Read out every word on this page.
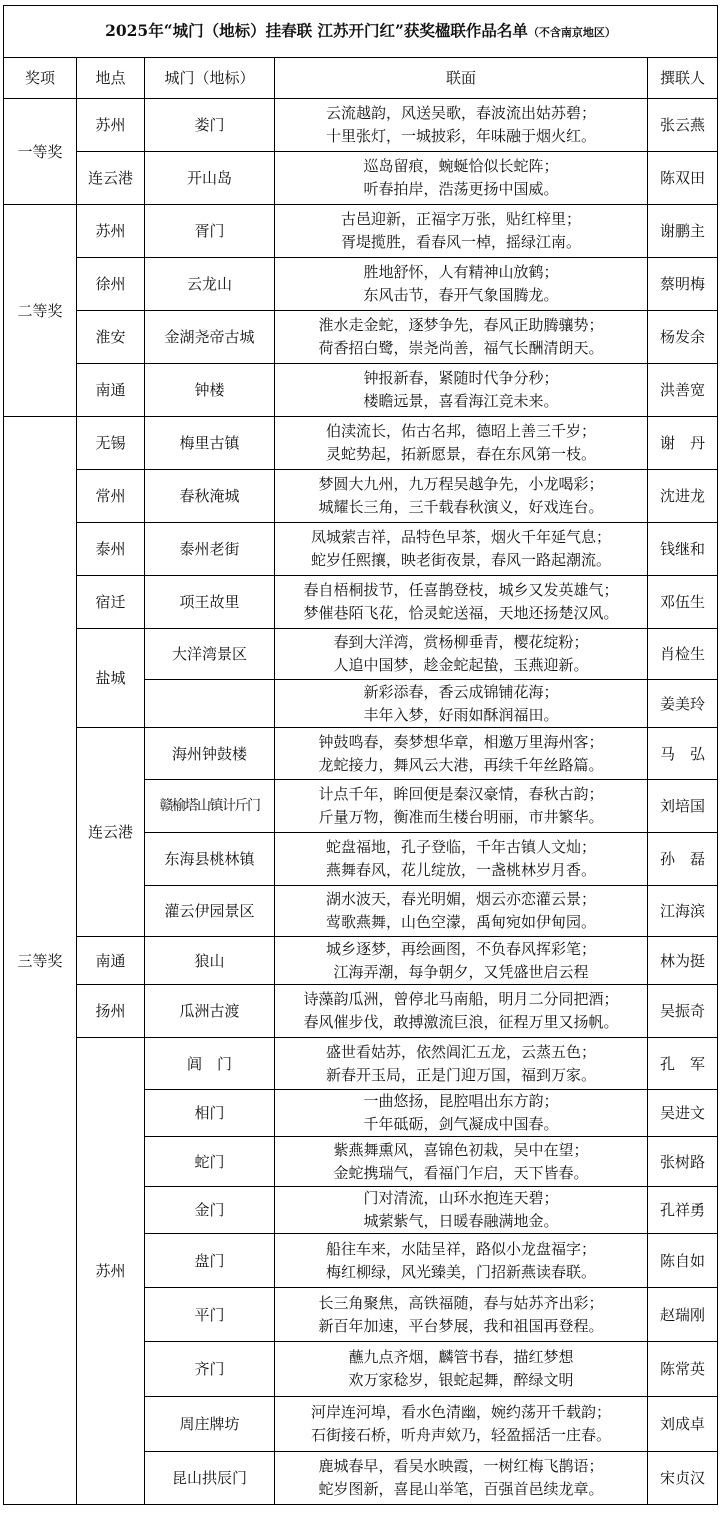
2025年“城门（地标）挂春联 江苏开门红”获奖楹联作品名单（不含南京地区）				
奖项	地点	城门（地标）	联面	撰联人
一等奖	苏州	娄门	云流越韵，风送吴歌，春波流出姑苏碧；
十里张灯，一城披彩，年味融于烟火红。	张云燕
	连云港	开山岛	巡岛留痕，蜿蜒恰似长蛇阵；
听春拍岸，浩荡更扬中国威。	陈双田
二等奖	苏州	胥门	古邑迎新，正福字万张，贴红梓里；
胥堤揽胜，看春风一棹，摇绿江南。	谢鹏主
	徐州	云龙山	胜地舒怀，人有精神山放鹤；
东风击节，春开气象国腾龙。	蔡明梅
	淮安	金湖尧帝古城	淮水走金蛇，逐梦争先，春风正助腾骧势；
荷香招白鹭，崇尧尚善，福气长酬清朗天。	杨发余
	南通	钟楼	钟报新春，紧随时代争分秒；
楼瞻远景，喜看海江竞未来。	洪善宽
三等奖	无锡	梅里古镇	伯渎流长，佑古名邦，德昭上善三千岁；
灵蛇势起，拓新愿景，春在东风第一枝。	谢　丹
	常州	春秋淹城	梦圆大九州，九万程吴越争先，小龙喝彩；
城耀长三角，三千载春秋演义，好戏连台。	沈进龙
	泰州	泰州老街	凤城萦吉祥，品特色早茶，烟火千年延气息；
蛇岁任熙攘，映老街夜景，春风一路起潮流。	钱继和
	宿迁	项王故里	春自梧桐拔节，任喜鹊登枝，城乡又发英雄气；
梦催巷陌飞花，恰灵蛇送福，天地还扬楚汉风。	邓伍生
	盐城	大洋湾景区	春到大洋湾，赏杨柳垂青，樱花绽粉；
人追中国梦，趁金蛇起蛰，玉燕迎新。	肖检生

			新彩添春，香云成锦铺花海；
丰年入梦，好雨如酥润福田。	姜美玲
	连云港	海州钟鼓楼	钟鼓鸣春，奏梦想华章，相邀万里海州客；
龙蛇接力，舞风云大港，再续千年丝路篇。	马　弘
		赣榆塔山镇计斤门	计点千年，眸回便是秦汉豪情，春秋古韵；
斤量万物，衡准而生楼台明丽，市井繁华。	刘培国
		东海县桃林镇	蛇盘福地，孔子登临，千年古镇人文灿；
燕舞春风，花儿绽放，一盏桃林岁月香。	孙　磊
		灌云伊园景区	湖水波天，春光明媚，烟云亦恋灌云景；
莺歌燕舞，山色空濛，禹甸宛如伊甸园。	江海滨
	南通	狼山	城乡逐梦，再绘画图，不负春风挥彩笔；
江海弄潮，每争朝夕，又凭盛世启云程	林为挺
	扬州	瓜洲古渡	诗藻韵瓜洲，曾停北马南船，明月二分同把酒；
春风催步伐，敢搏激流巨浪，征程万里又扬帆。	吴振奇
	苏州	阊　门	盛世看姑苏，依然阊汇五龙，云蒸五色；
新春开玉局，正是门迎万国，福到万家。	孔　军
		相门	一曲悠扬，昆腔唱出东方韵；
千年砥砺，剑气凝成中国春。	吴进文
		蛇门	紫燕舞熏风，喜锦色初栽，吴中在望；
金蛇携瑞气，看福门乍启，天下皆春。	张树路
		金门	门对清流，山环水抱连天碧；
城萦紫气，日暖春融满地金。	孔祥勇
		盘门	船往车来，水陆呈祥，路似小龙盘福字；
梅红柳绿，风光臻美，门招新燕读春联。	陈自如
		平门	长三角聚焦，高铁福随，春与姑苏齐出彩；
新百年加速，平台梦展，我和祖国再登程。	赵瑞刚
		齐门	蘸九点齐烟，麟管书春，描红梦想
欢万家稔岁，银蛇起舞，醉绿文明	陈常英
		周庄牌坊	河岸连河埠，看水色清幽，婉约荡开千载韵；
石街接石桥，听舟声欸乃，轻盈摇活一庄春。	刘成卓
		昆山拱辰门	鹿城春早，看吴水映霞，一树红梅飞鹊语；
蛇岁图新，喜昆山举笔，百强首邑续龙章。	宋贞汉
